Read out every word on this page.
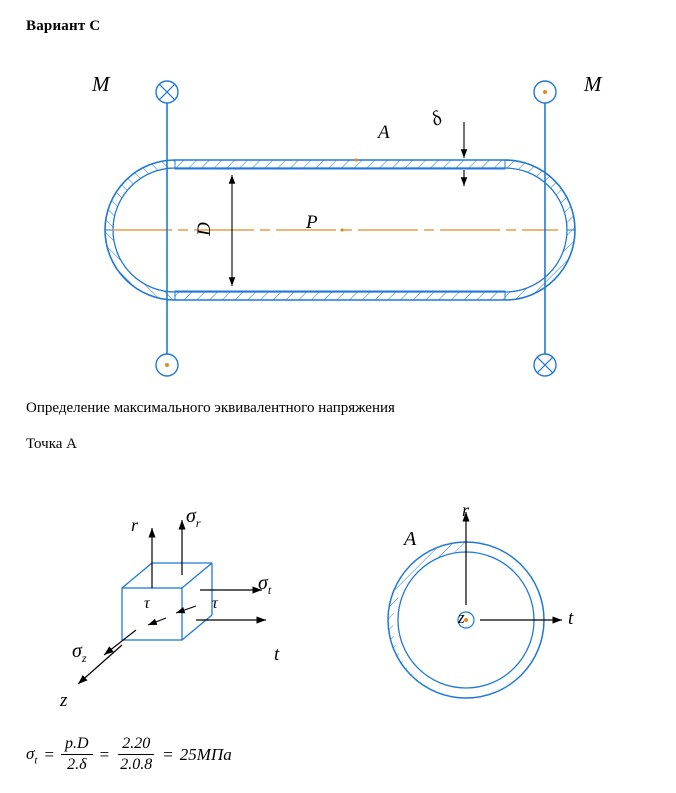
Вариант C
M	M
A
δ
D	P
Определение максимального эквивалентного напряжения
Точка A
r $\sigma_r$
$\sigma_t$
τ	τ
$\sigma_z$	t
z
r
A
z	t
$\sigma_t = \frac{p.D}{2.\delta} = \frac{2.20}{2.0.8} = 25МПа$
